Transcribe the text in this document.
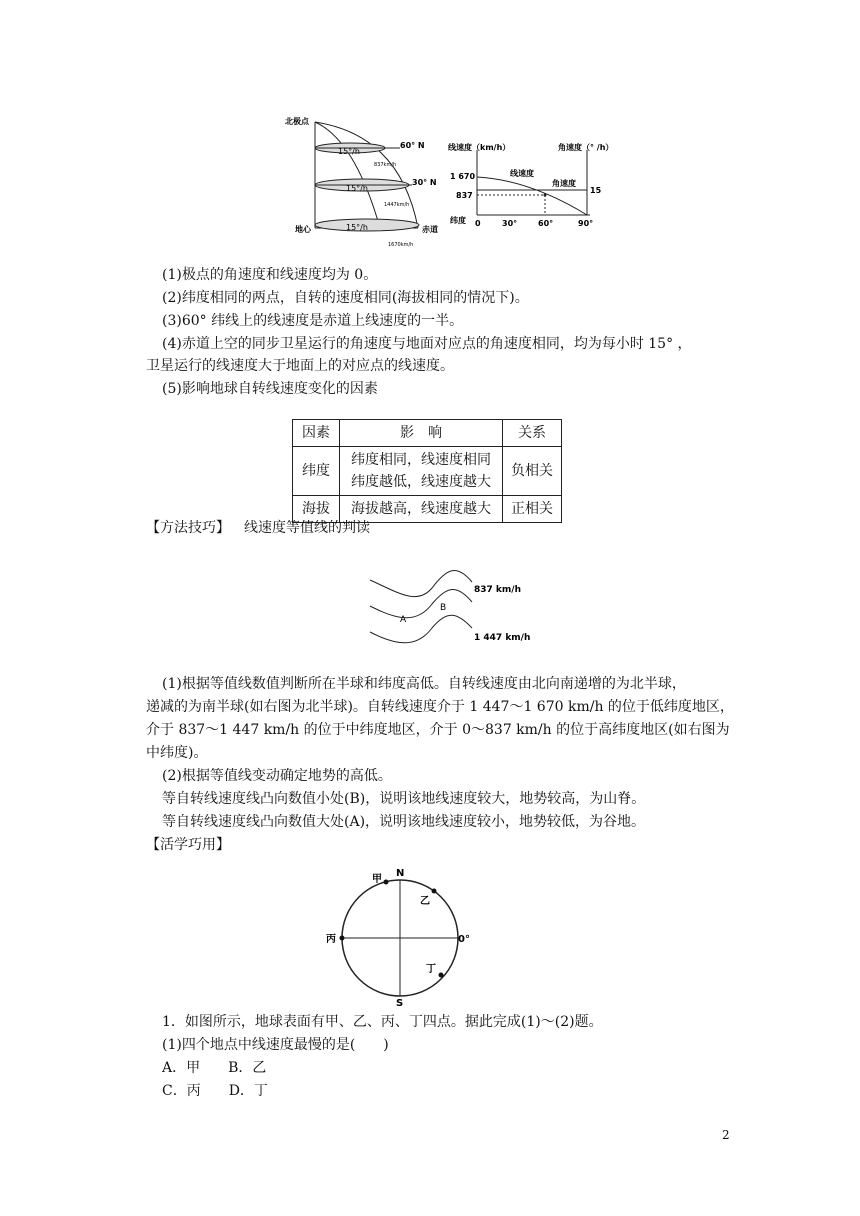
北极点
地心	赤道
60° N
30° N
15°/h
15°/h
15°/h
837km/h
1447km/h
1670km/h
线速度（km/h）	角速度（° /h）
线速度
角速度
纬度
1 670
837
15
0	30°	60°	90°
(1)极点的角速度和线速度均为 0。
(2)纬度相同的两点，自转的速度相同(海拔相同的情况下)。
(3)60° 纬线上的线速度是赤道上线速度的一半。
(4)赤道上空的同步卫星运行的角速度与地面对应点的角速度相同，均为每小时 15° ，
卫星运行的线速度大于地面上的对应点的线速度。
(5)影响地球自转线速度变化的因素
因素	影　响	关系
纬度	纬度相同，线速度相同
纬度越低，线速度越大	负相关
海拔	海拔越高，线速度越大	正相关
【方法技巧】 线速度等值线的判读
837 km/h
1 447 km/h
A
B
(1)根据等值线数值判断所在半球和纬度高低。自转线速度由北向南递增的为北半球，
递减的为南半球(如右图为北半球)。自转线速度介于 1 447～1 670 km/h 的位于低纬度地区，
介于 837～1 447 km/h 的位于中纬度地区，介于 0～837 km/h 的位于高纬度地区(如右图为
中纬度)。
(2)根据等值线变动确定地势的高低。
等自转线速度线凸向数值小处(B)，说明该地线速度较大，地势较高，为山脊。
等自转线速度线凸向数值大处(A)，说明该地线速度较小，地势较低，为谷地。
【活学巧用】
N
S
甲
乙
丙
丁
0°
1．如图所示，地球表面有甲、乙、丙、丁四点。据此完成(1)～(2)题。
(1)四个地点中线速度最慢的是(　　)
A．甲　　B．乙
C．丙　　D．丁
2
